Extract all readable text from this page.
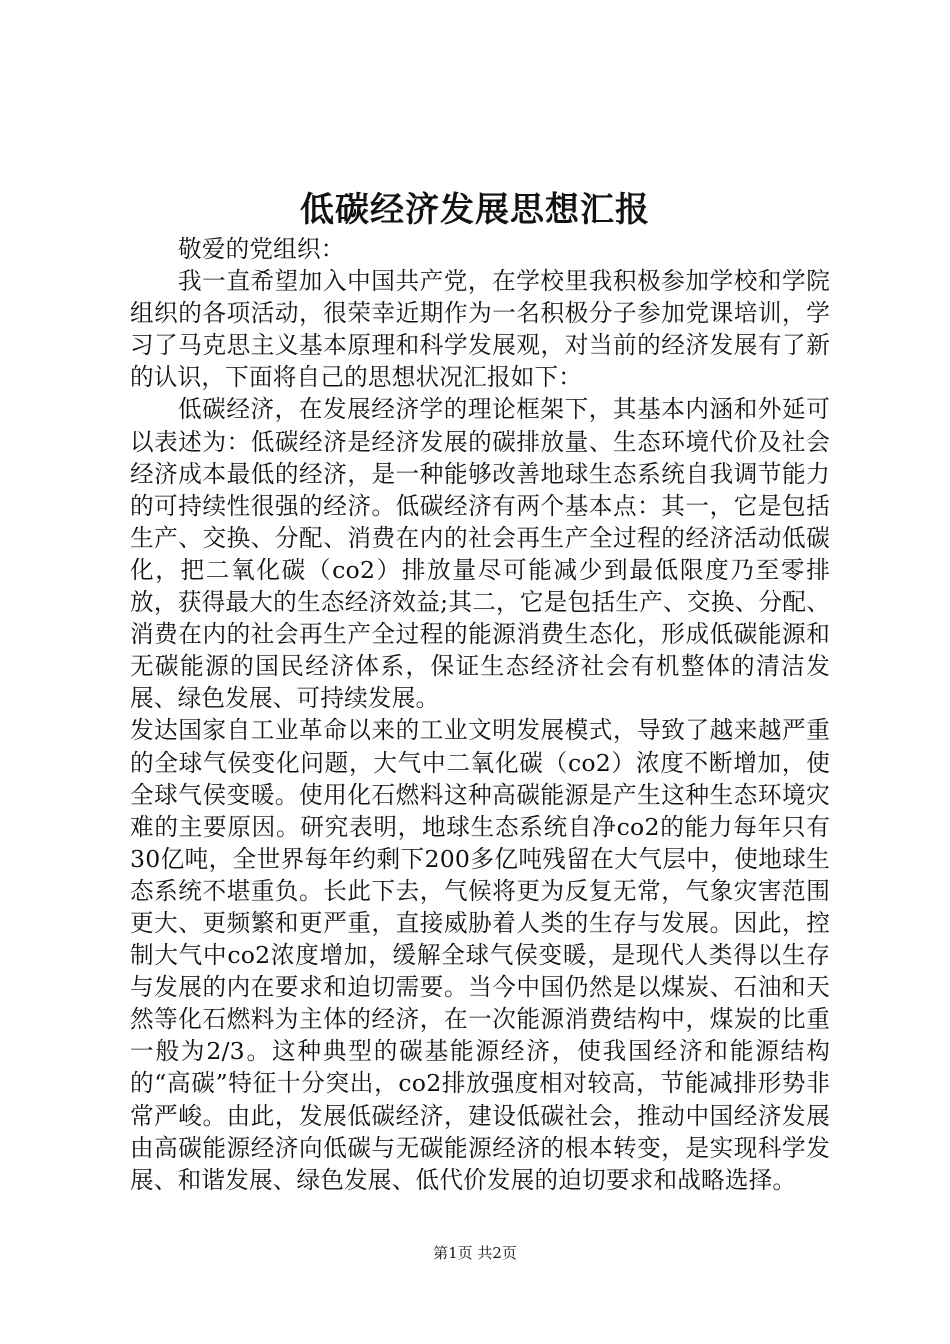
低碳经济发展思想汇报

敬爱的党组织：

我一直希望加入中国共产党，在学校里我积极参加学校和学院组织的各项活动，很荣幸近期作为一名积极分子参加党课培训，学习了马克思主义基本原理和科学发展观，对当前的经济发展有了新的认识，下面将自己的思想状况汇报如下：

低碳经济，在发展经济学的理论框架下，其基本内涵和外延可以表述为：低碳经济是经济发展的碳排放量、生态环境代价及社会经济成本最低的经济，是一种能够改善地球生态系统自我调节能力的可持续性很强的经济。低碳经济有两个基本点：其一，它是包括生产、交换、分配、消费在内的社会再生产全过程的经济活动低碳化，把二氧化碳（co2）排放量尽可能减少到最低限度乃至零排放，获得最大的生态经济效益;其二，它是包括生产、交换、分配、消费在内的社会再生产全过程的能源消费生态化，形成低碳能源和无碳能源的国民经济体系，保证生态经济社会有机整体的清洁发展、绿色发展、可持续发展。

发达国家自工业革命以来的工业文明发展模式，导致了越来越严重的全球气侯变化问题，大气中二氧化碳（co2）浓度不断增加，使全球气侯变暖。使用化石燃料这种高碳能源是产生这种生态环境灾难的主要原因。研究表明，地球生态系统自净co2的能力每年只有30亿吨，全世界每年约剩下200多亿吨残留在大气层中，使地球生态系统不堪重负。长此下去，气候将更为反复无常，气象灾害范围更大、更频繁和更严重，直接威胁着人类的生存与发展。因此，控制大气中co2浓度增加，缓解全球气侯变暖，是现代人类得以生存与发展的内在要求和迫切需要。当今中国仍然是以煤炭、石油和天然等化石燃料为主体的经济，在一次能源消费结构中，煤炭的比重一般为2/3。这种典型的碳基能源经济，使我国经济和能源结构的“高碳”特征十分突出，co2排放强度相对较高，节能减排形势非常严峻。由此，发展低碳经济，建设低碳社会，推动中国经济发展由高碳能源经济向低碳与无碳能源经济的根本转变，是实现科学发展、和谐发展、绿色发展、低代价发展的迫切要求和战略选择。

第1页 共2页
